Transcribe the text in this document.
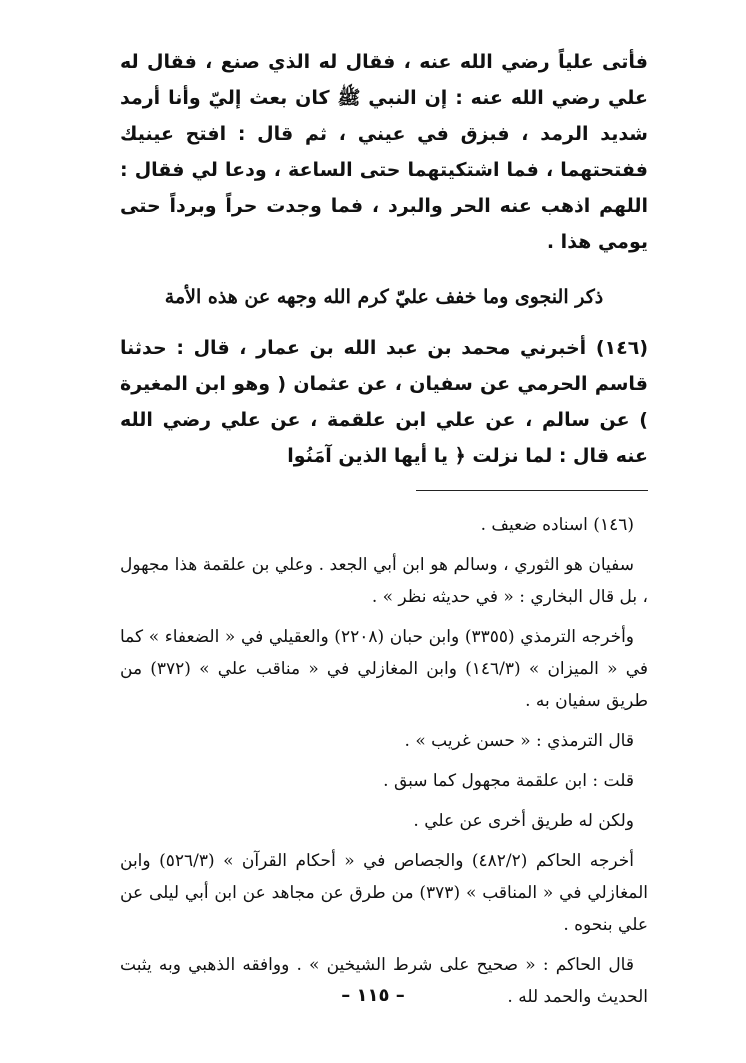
فأتى علياً رضي الله عنه ، فقال له الذي صنع ، فقال له علي رضي الله عنه : إن النبي ﷺ كان بعث إليّ وأنا أرمد شديد الرمد ، فبزق في عيني ، ثم قال : افتح عينيك ففتحتهما ، فما اشتكيتهما حتى الساعة ، ودعا لي فقال : اللهم اذهب عنه الحر والبرد ، فما وجدت حراً وبرداً حتى يومي هذا .

ذكر النجوى وما خفف عليّ كرم الله وجهه عن هذه الأمة

(١٤٦) أخبرني محمد بن عبد الله بن عمار ، قال : حدثنا قاسم الحرمي عن سفيان ، عن عثمان ( وهو ابن المغيرة ) عن سالم ، عن علي ابن علقمة ، عن علي رضي الله عنه قال : لما نزلت ﴿ يا أيها الذين آمَنُوا

(١٤٦) اسناده ضعيف .

سفيان هو الثوري ، وسالم هو ابن أبي الجعد . وعلي بن علقمة هذا مجهول ، بل قال البخاري : « في حديثه نظر » .

وأخرجه الترمذي (٣٣٥٥) وابن حبان (٢٢٠٨) والعقيلي في « الضعفاء » كما في « الميزان » (١٤٦/٣) وابن المغازلي في « مناقب علي » (٣٧٢) من طريق سفيان به .

قال الترمذي : « حسن غريب » .

قلت : ابن علقمة مجهول كما سبق .

ولكن له طريق أخرى عن علي .

أخرجه الحاكم (٤٨٢/٢) والجصاص في « أحكام القرآن » (٥٢٦/٣) وابن المغازلي في « المناقب » (٣٧٣) من طرق عن مجاهد عن ابن أبي ليلى عن علي بنحوه .

قال الحاكم : « صحيح على شرط الشيخين » . ووافقه الذهبي وبه يثبت الحديث والحمد لله .

– ١١٥ –
